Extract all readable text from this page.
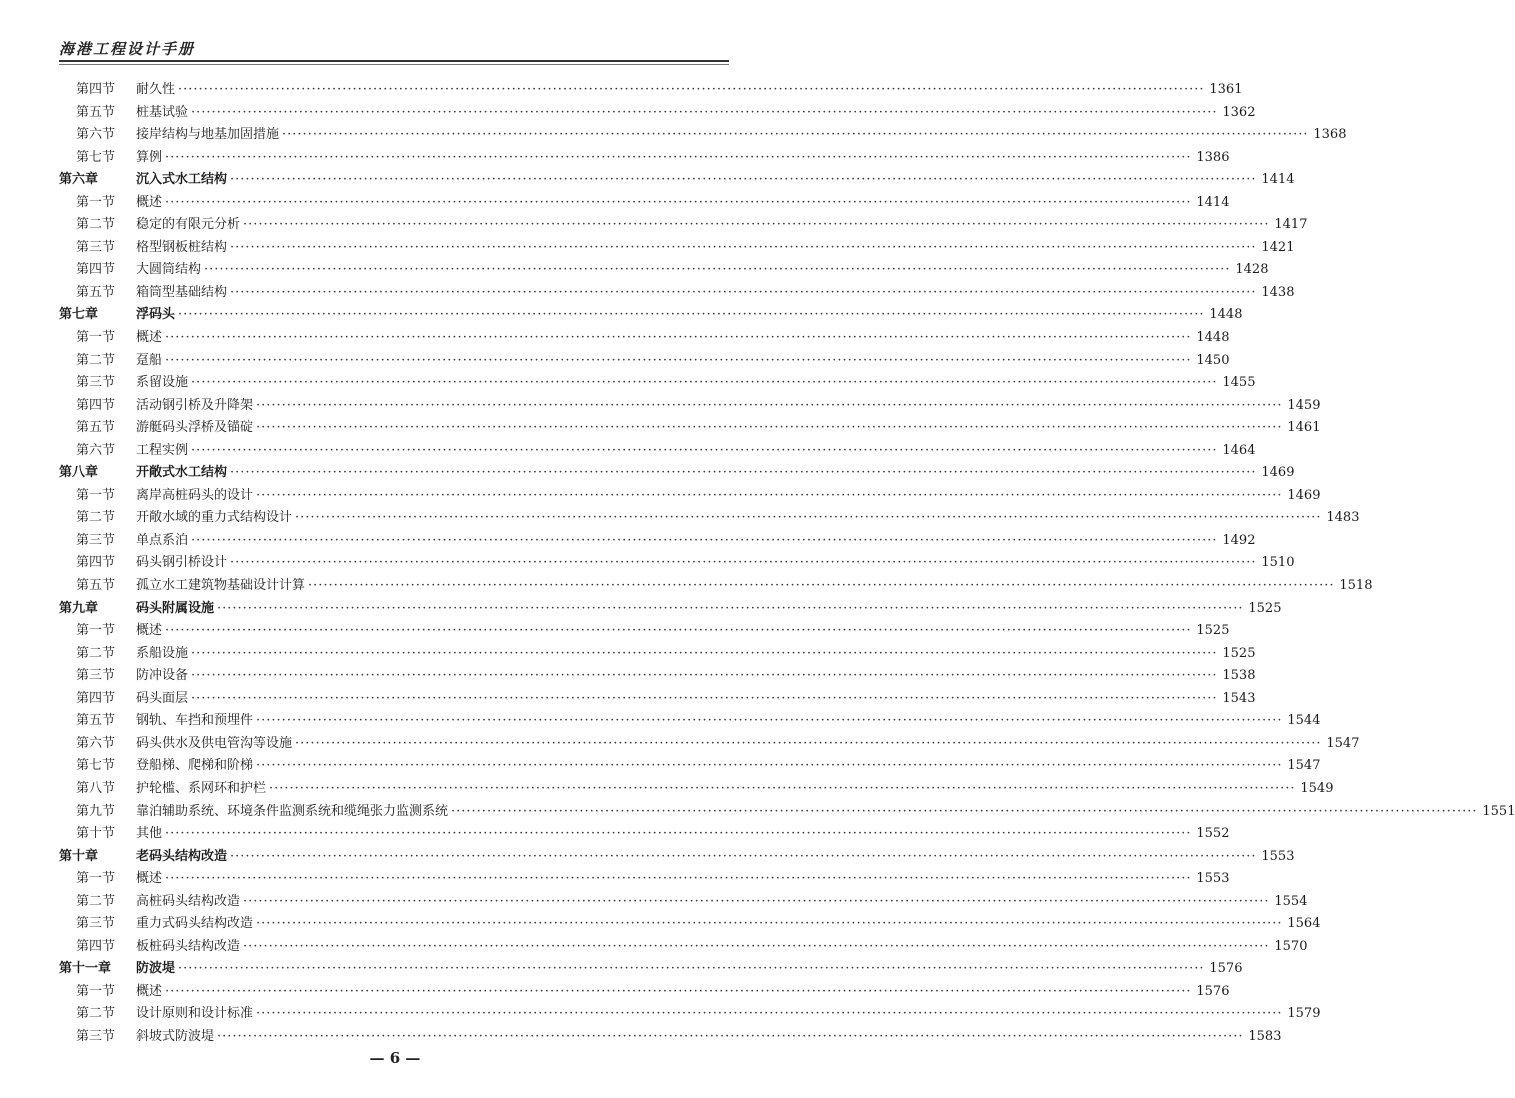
海港工程设计手册
第四节	耐久性 ········································································································································································································ 1361
第五节	桩基试验 ········································································································································································································ 1362
第六节	接岸结构与地基加固措施 ········································································································································································································ 1368
第七节	算例 ········································································································································································································ 1386
第六章	沉入式水工结构 ········································································································································································································ 1414
第一节	概述 ········································································································································································································ 1414
第二节	稳定的有限元分析 ········································································································································································································ 1417
第三节	格型钢板桩结构 ········································································································································································································ 1421
第四节	大圆筒结构 ········································································································································································································ 1428
第五节	箱筒型基础结构 ········································································································································································································ 1438
第七章	浮码头 ········································································································································································································ 1448
第一节	概述 ········································································································································································································ 1448
第二节	趸船 ········································································································································································································ 1450
第三节	系留设施 ········································································································································································································ 1455
第四节	活动钢引桥及升降架 ········································································································································································································ 1459
第五节	游艇码头浮桥及锚碇 ········································································································································································································ 1461
第六节	工程实例 ········································································································································································································ 1464
第八章	开敞式水工结构 ········································································································································································································ 1469
第一节	离岸高桩码头的设计 ········································································································································································································ 1469
第二节	开敞水域的重力式结构设计 ········································································································································································································ 1483
第三节	单点系泊 ········································································································································································································ 1492
第四节	码头钢引桥设计 ········································································································································································································ 1510
第五节	孤立水工建筑物基础设计计算 ········································································································································································································ 1518
第九章	码头附属设施 ········································································································································································································ 1525
第一节	概述 ········································································································································································································ 1525
第二节	系船设施 ········································································································································································································ 1525
第三节	防冲设备 ········································································································································································································ 1538
第四节	码头面层 ········································································································································································································ 1543
第五节	钢轨、车挡和预埋件 ········································································································································································································ 1544
第六节	码头供水及供电管沟等设施 ········································································································································································································ 1547
第七节	登船梯、爬梯和阶梯 ········································································································································································································ 1547
第八节	护轮槛、系网环和护栏 ········································································································································································································ 1549
第九节	靠泊辅助系统、环境条件监测系统和缆绳张力监测系统 ········································································································································································································ 1551
第十节	其他 ········································································································································································································ 1552
第十章	老码头结构改造 ········································································································································································································ 1553
第一节	概述 ········································································································································································································ 1553
第二节	高桩码头结构改造 ········································································································································································································ 1554
第三节	重力式码头结构改造 ········································································································································································································ 1564
第四节	板桩码头结构改造 ········································································································································································································ 1570
第十一章	防波堤 ········································································································································································································ 1576
第一节	概述 ········································································································································································································ 1576
第二节	设计原则和设计标准 ········································································································································································································ 1579
第三节	斜坡式防波堤 ········································································································································································································ 1583
— 6 —
